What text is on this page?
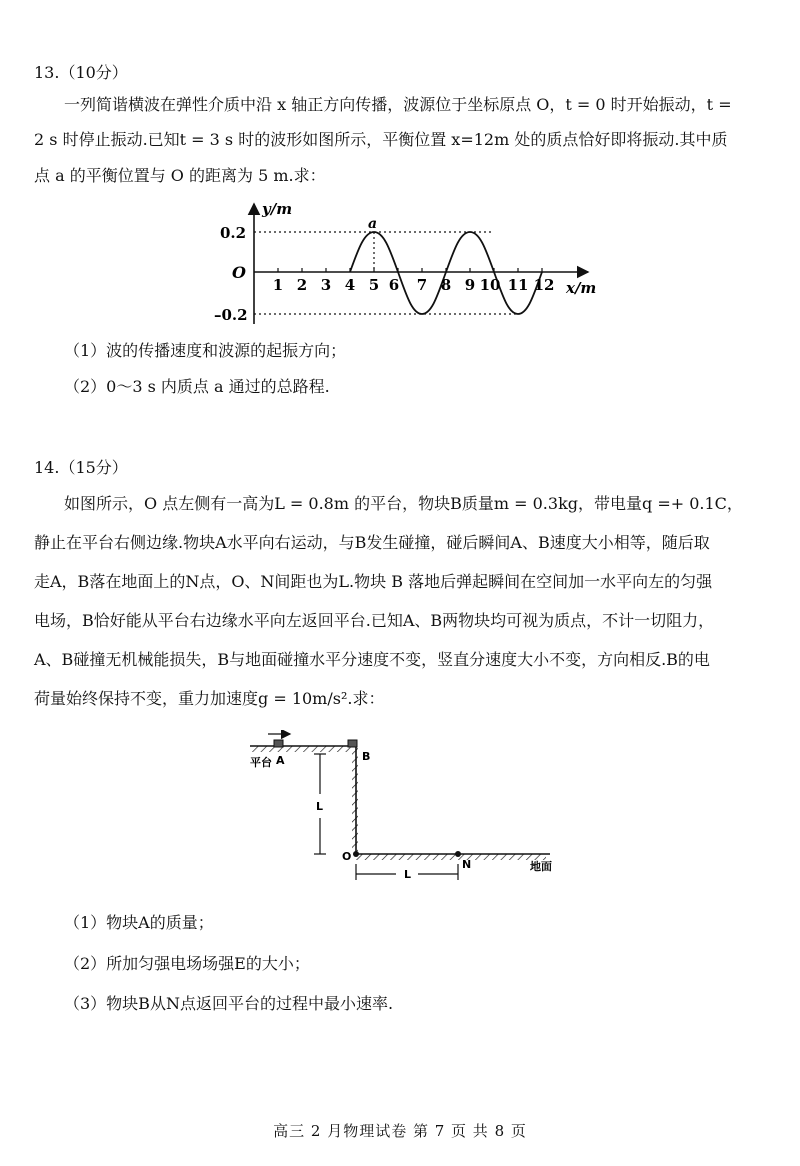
13.（10分）
一列简谐横波在弹性介质中沿 x 轴正方向传播，波源位于坐标原点 O，t = 0 时开始振动，t =
2 s 时停止振动.已知t = 3 s 时的波形如图所示，平衡位置 x=12m 处的质点恰好即将振动.其中质
点 a 的平衡位置与 O 的距离为 5 m.求：
y/m
x/m
O
0.2
–0.2
a
1 2 3 4 5 6 7 8 9 10 11 12
（1）波的传播速度和波源的起振方向；
（2）0～3 s 内质点 a 通过的总路程.
14.（15分）
如图所示，O 点左侧有一高为L = 0.8m 的平台，物块B质量m = 0.3kg，带电量q =+ 0.1C，
静止在平台右侧边缘.物块A水平向右运动，与B发生碰撞，碰后瞬间A、B速度大小相等，随后取
走A，B落在地面上的N点，O、N间距也为L.物块 B 落地后弹起瞬间在空间加一水平向左的匀强
电场，B恰好能从平台右边缘水平向左返回平台.已知A、B两物块均可视为质点，不计一切阻力，
A、B碰撞无机械能损失，B与地面碰撞水平分速度不变，竖直分速度大小不变，方向相反.B的电
荷量始终保持不变，重力加速度g = 10m/s².求：
平台 A	B
L
O
L
N	地面
（1）物块A的质量；
（2）所加匀强电场场强E的大小；
（3）物块B从N点返回平台的过程中最小速率.
高三 2 月物理试卷 第 7 页 共 8 页
